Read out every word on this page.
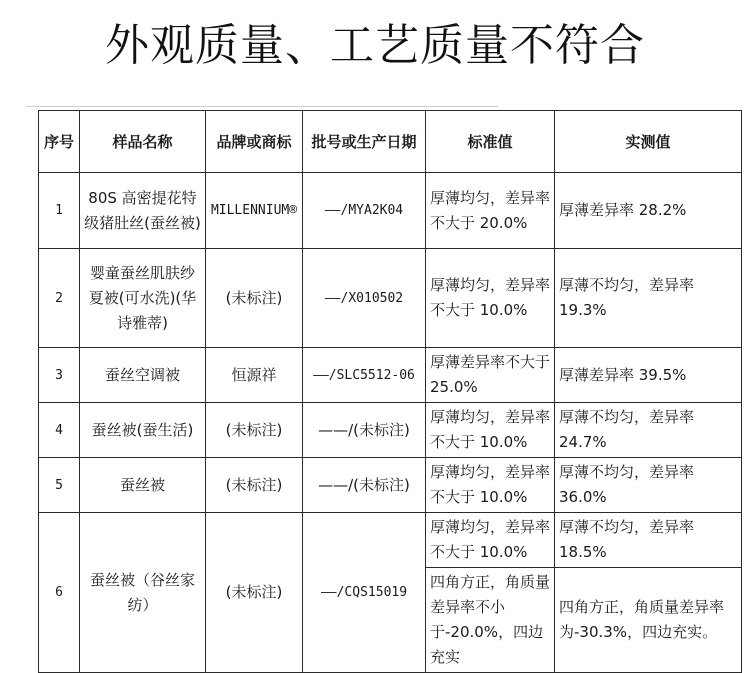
外观质量、工艺质量不符合
序号	样品名称	品牌或商标	批号或生产日期	标准值	实测值
1	80S 高密提花特级猪肚丝(蚕丝被)	MILLENNIUM®	——/MYA2K04	厚薄均匀，差异率不大于 20.0%	厚薄差异率 28.2%
2	婴童蚕丝肌肤纱夏被(可水洗)(华诗雅蒂)	(未标注)	——/X010502	厚薄均匀，差异率不大于 10.0%	厚薄不均匀，差异率 19.3%
3	蚕丝空调被	恒源祥	——/SLC5512-06	厚薄差异率不大于 25.0%	厚薄差异率 39.5%
4	蚕丝被(蚕生活)	(未标注)	——/(未标注)	厚薄均匀，差异率不大于 10.0%	厚薄不均匀，差异率 24.7%
5	蚕丝被	(未标注)	——/(未标注)	厚薄均匀，差异率不大于 10.0%	厚薄不均匀，差异率 36.0%
6	蚕丝被（谷丝家纺）	(未标注)	——/CQS15019	厚薄均匀，差异率不大于 10.0%	厚薄不均匀，差异率 18.5%
				四角方正，角质量差异率不小于-20.0%，四边充实	四角方正，角质量差异率为-30.3%，四边充实。
